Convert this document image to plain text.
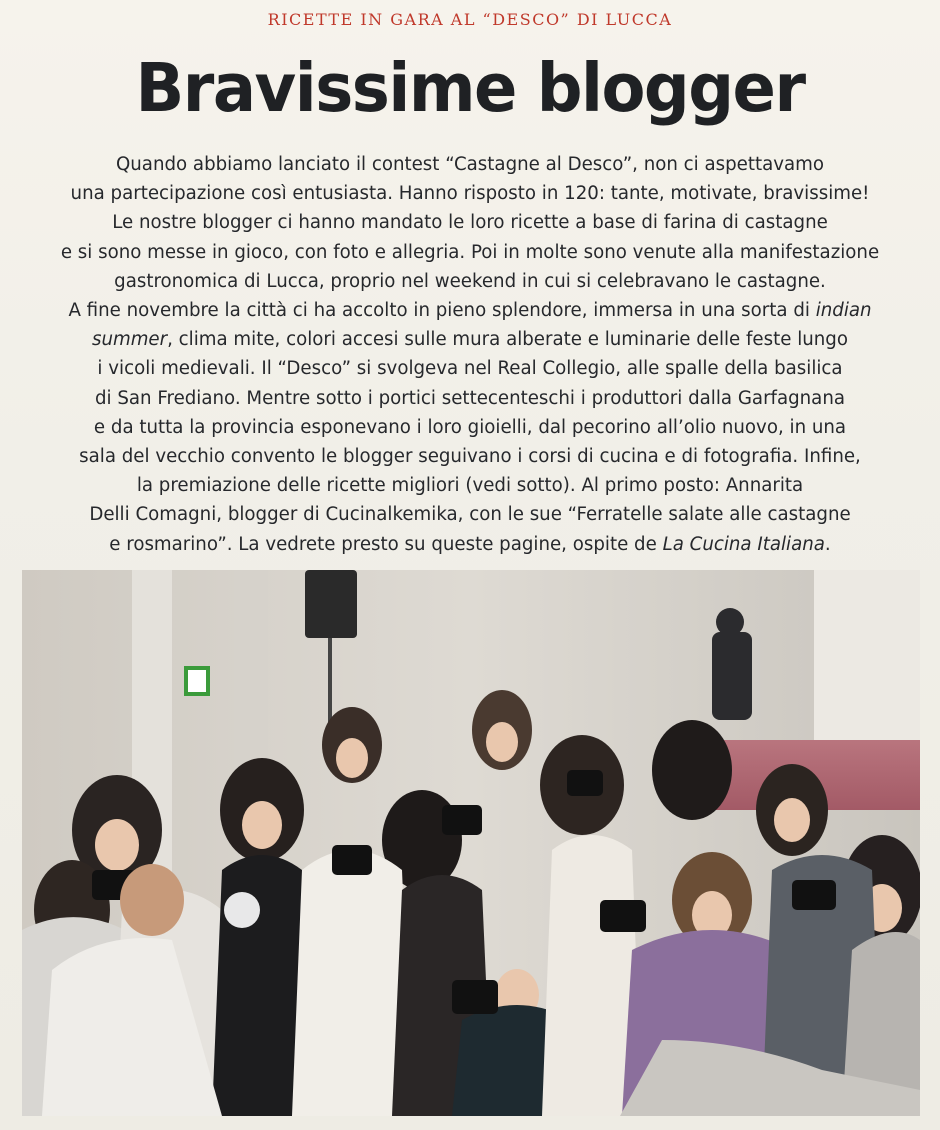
RICETTE IN GARA AL “DESCO” DI LUCCA
Bravissime blogger
Quando abbiamo lanciato il contest “Castagne al Desco”, non ci aspettavamo
una partecipazione così entusiasta. Hanno risposto in 120: tante, motivate, bravissime!
Le nostre blogger ci hanno mandato le loro ricette a base di farina di castagne
e si sono messe in gioco, con foto e allegria. Poi in molte sono venute alla manifestazione
gastronomica di Lucca, proprio nel weekend in cui si celebravano le castagne.
A fine novembre la città ci ha accolto in pieno splendore, immersa in una sorta di indian
summer, clima mite, colori accesi sulle mura alberate e luminarie delle feste lungo
i vicoli medievali. Il “Desco” si svolgeva nel Real Collegio, alle spalle della basilica
di San Frediano. Mentre sotto i portici settecenteschi i produttori dalla Garfagnana
e da tutta la provincia esponevano i loro gioielli, dal pecorino all’olio nuovo, in una
sala del vecchio convento le blogger seguivano i corsi di cucina e di fotografia. Infine,
la premiazione delle ricette migliori (vedi sotto). Al primo posto: Annarita
Delli Comagni, blogger di Cucinalkemika, con le sue “Ferratelle salate alle castagne
e rosmarino”. La vedrete presto su queste pagine, ospite de La Cucina Italiana.
